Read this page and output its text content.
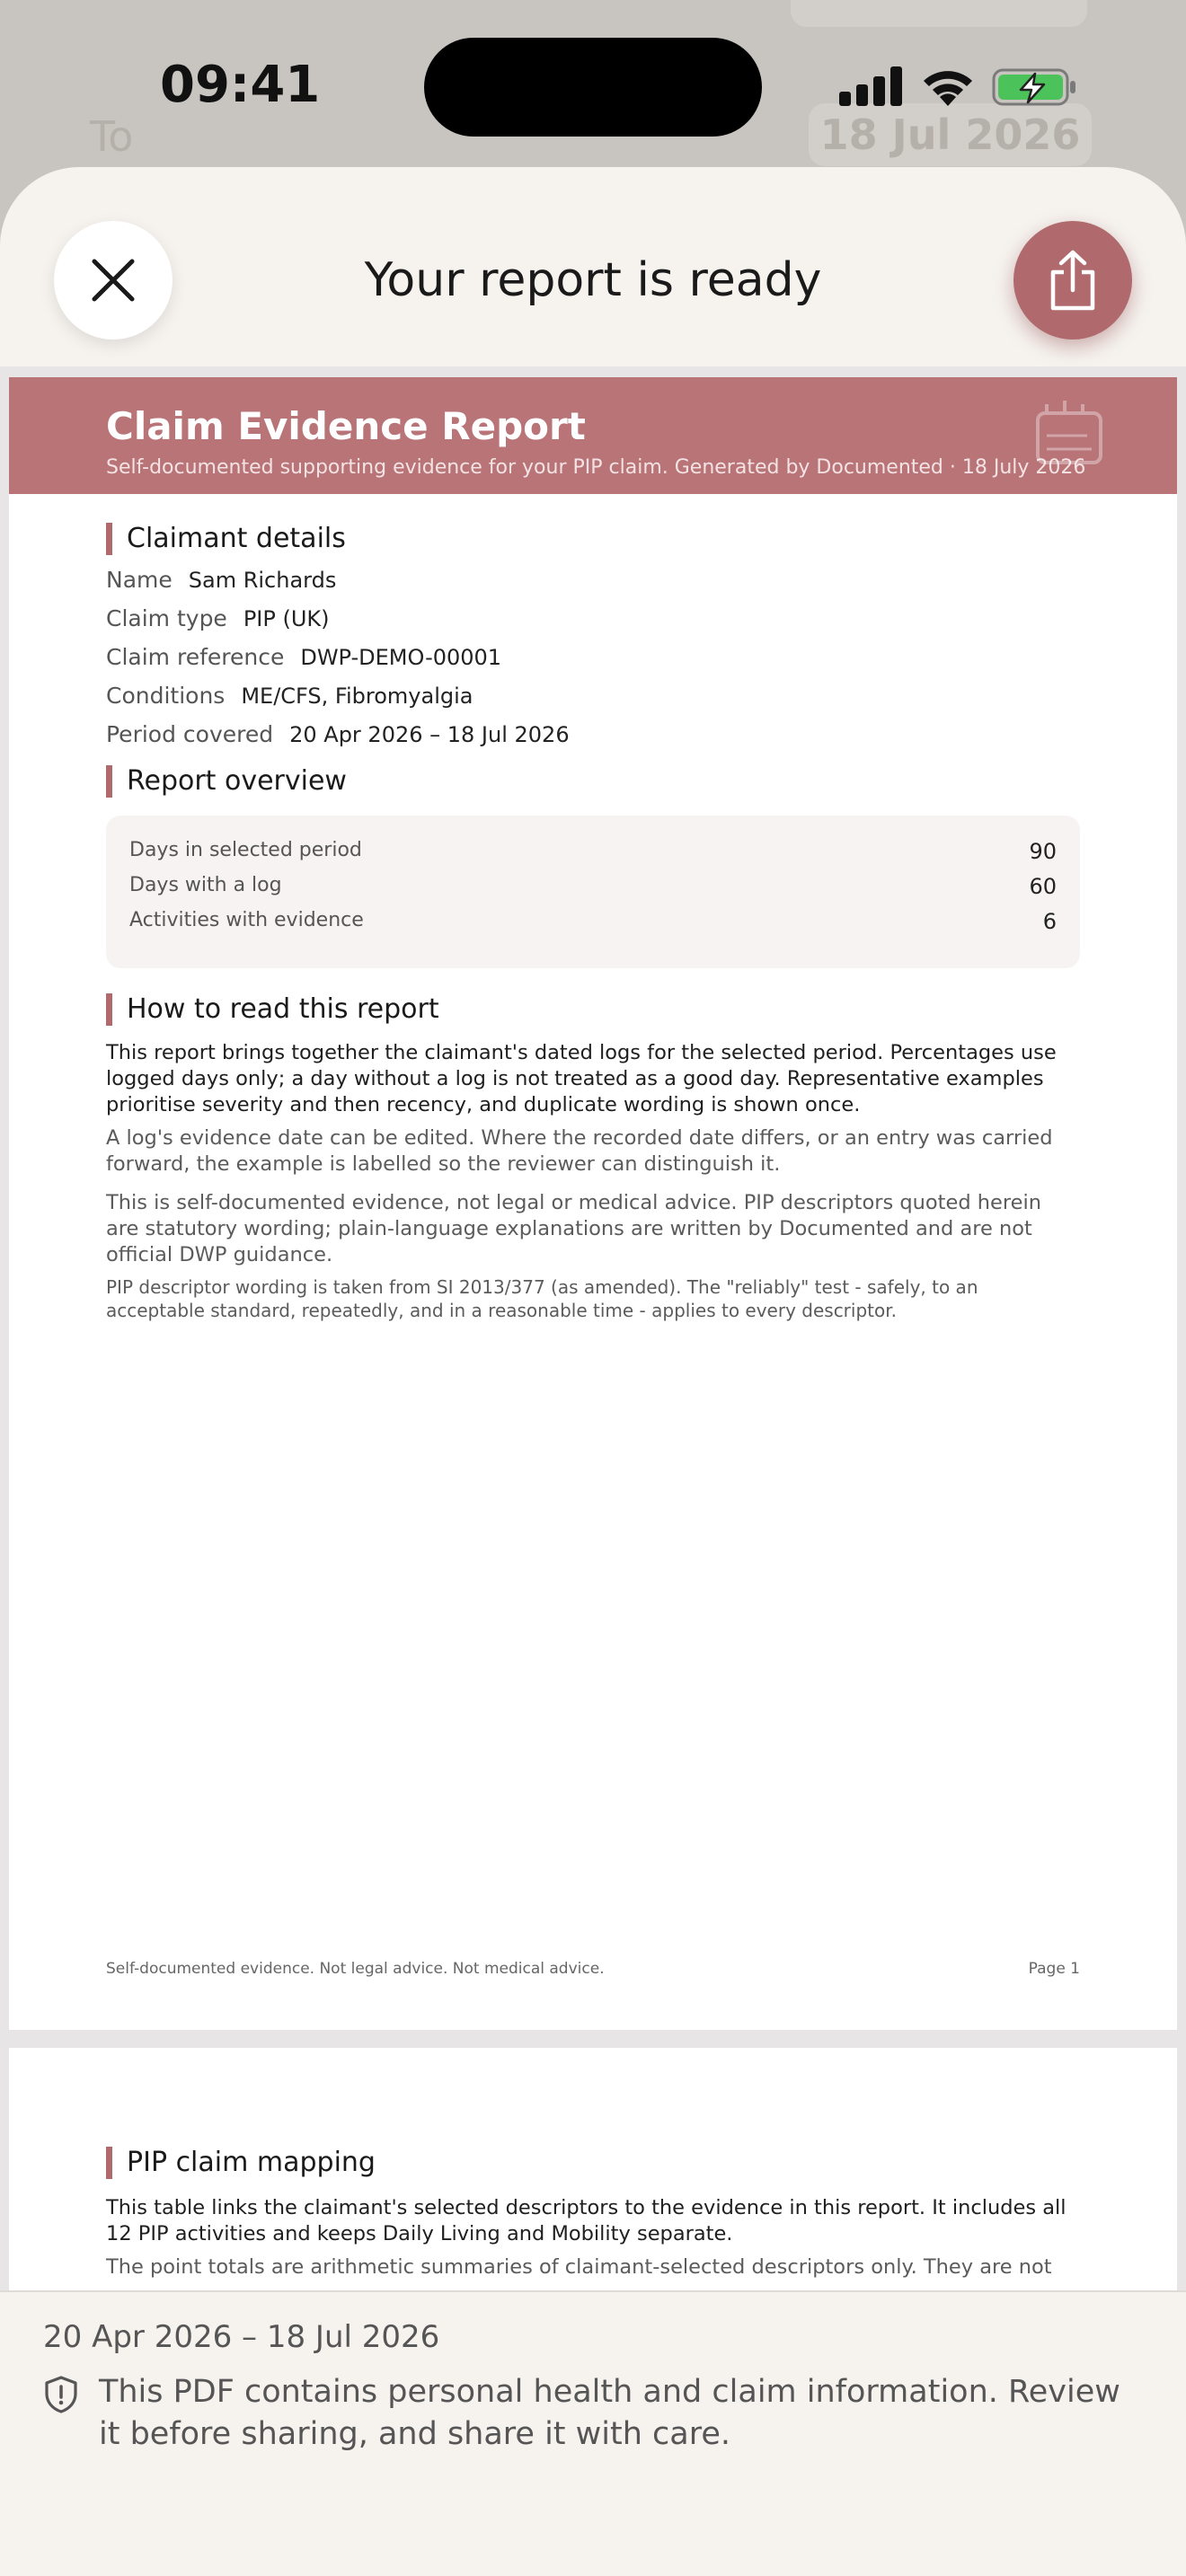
To	18 Jul 2026
09:41
Your report is ready
Claim Evidence Report
Self-documented supporting evidence for your PIP claim. Generated by Documented · 18 July 2026
Claimant details

Name Sam Richards

Claim type PIP (UK)

Claim reference DWP-DEMO-00001

Conditions ME/CFS, Fibromyalgia

Period covered 20 Apr 2026 – 18 Jul 2026

Report overview
Days in selected period	90
Days with a log	60
Activities with evidence	6
How to read this report

This report brings together the claimant's dated logs for the selected period. Percentages use logged days only; a day without a log is not treated as a good day. Representative examples prioritise severity and then recency, and duplicate wording is shown once.

A log's evidence date can be edited. Where the recorded date differs, or an entry was carried forward, the example is labelled so the reviewer can distinguish it.

This is self-documented evidence, not legal or medical advice. PIP descriptors quoted herein are statutory wording; plain-language explanations are written by Documented and are not official DWP guidance.

PIP descriptor wording is taken from SI 2013/377 (as amended). The "reliably" test - safely, to an acceptable standard, repeatedly, and in a reasonable time - applies to every descriptor.

Self-documented evidence. Not legal advice. Not medical advice.	Page 1
PIP claim mapping

This table links the claimant's selected descriptors to the evidence in this report. It includes all 12 PIP activities and keeps Daily Living and Mobility separate.

The point totals are arithmetic summaries of claimant-selected descriptors only. They are not

20 Apr 2026 – 18 Jul 2026
This PDF contains personal health and claim information. Review it before sharing, and share it with care.
